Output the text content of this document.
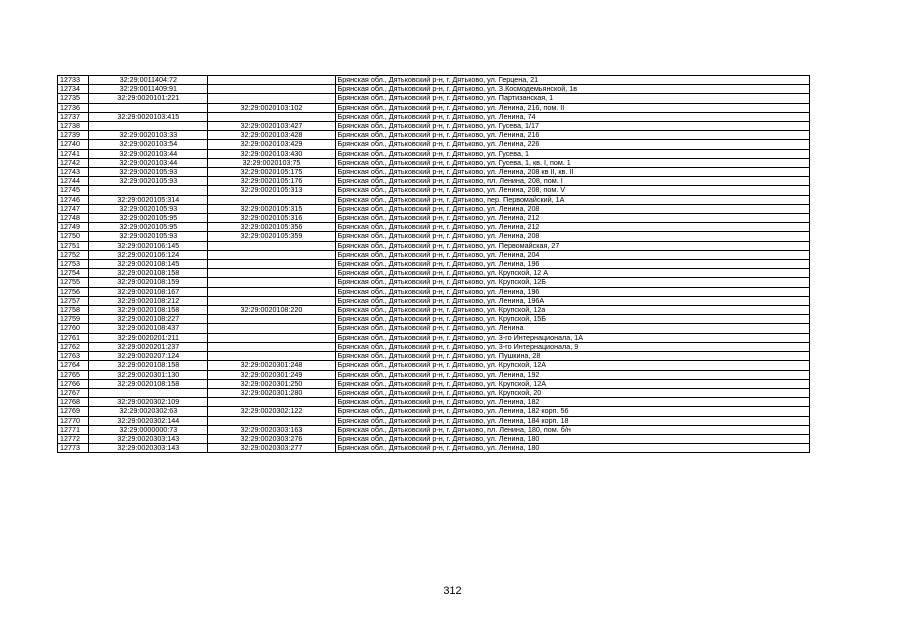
12733	32:29:0011404:72		Брянская обл., Дятьковский р-н, г. Дятьково, ул. Герцена, 21
12734	32:29:0011409:91		Брянская обл., Дятьковский р-н, г. Дятьково, ул. З.Космодемьянской, 1в
12735	32:29:0020101:221		Брянская обл., Дятьковский р-н, г. Дятьково, ул. Партизанская, 1
12736		32:29:0020103:102	Брянская обл., Дятьковский р-н, г. Дятьково, ул. Ленина, 216, пом. II
12737	32:29:0020103:415		Брянская обл., Дятьковский р-н, г. Дятьково, ул. Ленина, 74
12738		32:29:0020103:427	Брянская обл., Дятьковский р-н, г. Дятьково, ул. Гусева, 1/17
12739	32:29:0020103:33	32:29:0020103:428	Брянская обл., Дятьковский р-н, г. Дятьково, ул. Ленина, 216
12740	32:29:0020103:54	32:29:0020103:429	Брянская обл., Дятьковский р-н, г. Дятьково, ул. Ленина, 226
12741	32:29:0020103:44	32:29:0020103:430	Брянская обл., Дятьковский р-н, г. Дятьково, ул. Гусева, 1
12742	32:29:0020103:44	32:29:0020103:75	Брянская обл., Дятьковский р-н, г. Дятьково, ул. Гусева, 1, кв. I, пом. 1
12743	32:29:0020105:93	32:29:0020105:175	Брянская обл., Дятьковский р-н, г. Дятьково, ул. Ленина, 208 кв II, кв. II
12744	32:29:0020105:93	32:29:0020105:176	Брянская обл., Дятьковский р-н, г. Дятьково, пл. Ленина, 208, пом. I
12745		32:29:0020105:313	Брянская обл., Дятьковский р-н, г. Дятьково, ул. Ленина, 208, пом. V
12746	32:29:0020105:314		Брянская обл., Дятьковский р-н, г. Дятьково, пер. Первомайский, 1А
12747	32:29:0020105:93	32:29:0020105:315	Брянская обл., Дятьковский р-н, г. Дятьково, ул. Ленина, 208
12748	32:29:0020105:95	32:29:0020105:316	Брянская обл., Дятьковский р-н, г. Дятьково, ул. Ленина, 212
12749	32:29:0020105:95	32:29:0020105:356	Брянская обл., Дятьковский р-н, г. Дятьково, ул. Ленина, 212
12750	32:29:0020105:93	32:29:0020105:359	Брянская обл., Дятьковский р-н, г. Дятьково, ул. Ленина, 208
12751	32:29:0020106:145		Брянская обл., Дятьковский р-н, г. Дятьково, ул. Первомайская, 27
12752	32:29:0020106:124		Брянская обл., Дятьковский р-н, г. Дятьково, ул. Ленина, 204
12753	32:29:0020108:145		Брянская обл., Дятьковский р-н, г. Дятьково, ул. Ленина, 196
12754	32:29:0020108:158		Брянская обл., Дятьковский р-н, г. Дятьково, ул. Крупской, 12 А
12755	32:29:0020108:159		Брянская обл., Дятьковский р-н, г. Дятьково, ул. Крупской, 12Б
12756	32:29:0020108:167		Брянская обл., Дятьковский р-н, г. Дятьково, ул. Ленина, 196
12757	32:29:0020108:212		Брянская обл., Дятьковский р-н, г. Дятьково, ул. Ленина, 196А
12758	32:29:0020108:158	32:29:0020108:220	Брянская обл., Дятьковский р-н, г. Дятьково, ул. Крупской, 12а
12759	32:29:0020108:227		Брянская обл., Дятьковский р-н, г. Дятьково, ул. Крупской, 15Б
12760	32:29:0020108:437		Брянская обл., Дятьковский р-н, г. Дятьково, ул. Ленина
12761	32:29:0020201:211		Брянская обл., Дятьковский р-н, г. Дятьково, ул. 3-го Интернационала, 1А
12762	32:29:0020201:237		Брянская обл., Дятьковский р-н, г. Дятьково, ул. 3-го Интернационала, 9
12763	32:29:0020207:124		Брянская обл., Дятьковский р-н, г. Дятьково, ул. Пушкина, 28
12764	32:29:0020108:158	32:29:0020301:248	Брянская обл., Дятьковский р-н, г. Дятьково, ул. Крупской, 12А
12765	32:29:0020301:130	32:29:0020301:249	Брянская обл., Дятьковский р-н, г. Дятьково, ул. Ленина, 192
12766	32:29:0020108:158	32:29:0020301:250	Брянская обл., Дятьковский р-н, г. Дятьково, ул. Крупской, 12А
12767		32:29:0020301:280	Брянская обл., Дятьковский р-н, г. Дятьково, ул. Крупской, 20
12768	32:29:0020302:109		Брянская обл., Дятьковский р-н, г. Дятьково, ул. Ленина, 182
12769	32:29:0020302:63	32:29:0020302:122	Брянская обл., Дятьковский р-н, г. Дятьково, ул. Ленина, 182 корп. 56
12770	32:29:0020302:144		Брянская обл., Дятьковский р-н, г. Дятьково, ул. Ленина, 184 корп. 18
12771	32:29:0000000:73	32:29:0020303:163	Брянская обл., Дятьковский р-н, г. Дятьково, пл. Ленина, 180, пом. б/н
12772	32:29:0020303:143	32:29:0020303:276	Брянская обл., Дятьковский р-н, г. Дятьково, ул. Ленина, 180
12773	32:29:0020303:143	32:29:0020303:277	Брянская обл., Дятьковский р-н, г. Дятьково, ул. Ленина, 180
312
